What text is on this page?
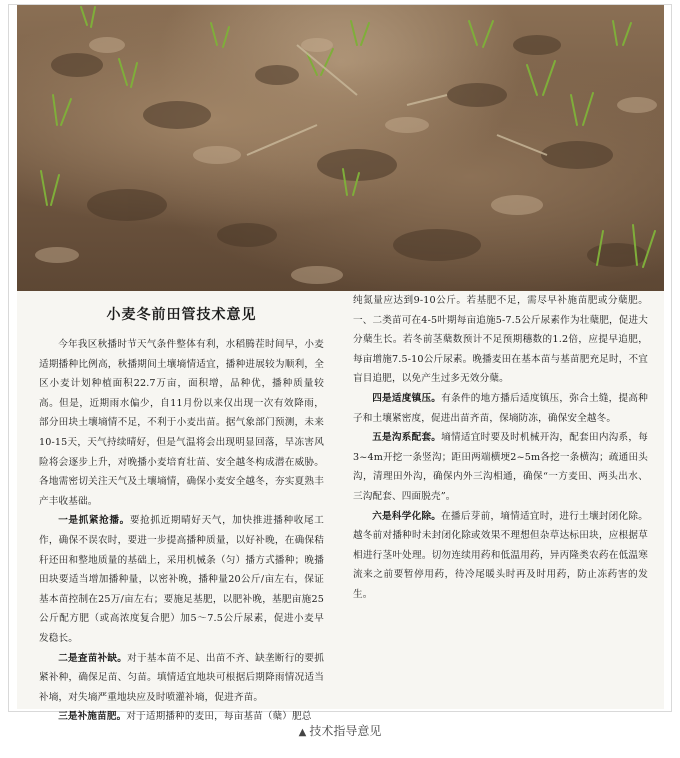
小麦冬前田管技术意见

今年我区秋播时节天气条件整体有利，水稻腾茬时间早，小麦适期播种比例高，秋播期间土壤墒情适宜，播种进展较为顺利，全区小麦计划种植面积22.7万亩，面积增，品种优，播种质量较高。但是，近期雨水偏少，自11月份以来仅出现一次有效降雨，部分田块土壤墒情不足，不利于小麦出苗。据气象部门预测，未来10-15天，天气持续晴好，但是气温将会出现明显回落，旱冻害风险将会逐步上升，对晚播小麦培育壮苗、安全越冬构成潜在威胁。各地需密切关注天气及土壤墒情，确保小麦安全越冬，夯实夏熟丰产丰收基础。

一是抓紧抢播。要抢抓近期晴好天气，加快推进播种收尾工作，确保不误农时，要进一步提高播种质量，以好补晚，在确保秸秆还田和整地质量的基础上，采用机械条（匀）播方式播种；晚播田块要适当增加播种量，以密补晚，播种量20公斤/亩左右，保证基本苗控制在25万/亩左右；要施足基肥，以肥补晚，基肥亩施25公斤配方肥（或高浓度复合肥）加5～7.5公斤尿素，促进小麦早发稳长。

二是查苗补缺。对于基本苗不足、出苗不齐、缺垄断行的要抓紧补种，确保足苗、匀苗。填情适宜地块可根据后期降雨情况适当补墒，对失墒严重地块应及时喷灌补墒，促进齐苗。

三是补施苗肥。对于适期播种的麦田，每亩基苗（蘖）肥总

纯氮量应达到9-10公斤。若基肥不足，需尽早补施苗肥或分蘖肥。一、二类苗可在4-5叶期每亩追施5-7.5公斤尿素作为壮蘖肥，促进大分蘖生长。若冬前茎蘖数预计不足预期穗数的1.2倍，应提早追肥，每亩增施7.5-10公斤尿素。晚播麦田在基本苗与基苗肥充足时，不宜盲目追肥，以免产生过多无效分蘖。

四是适度镇压。有条件的地方播后适度镇压，弥合土缝，提高种子和土壤紧密度，促进出苗齐苗，保墒防冻，确保安全越冬。

五是沟系配套。墒情适宜时要及时机械开沟，配套田内沟系，每3~4m开挖一条竖沟；距田两端横埂2~5m各挖一条横沟；疏通田头沟，清理田外沟，确保内外三沟相通，确保“一方麦田、两头出水、三沟配套、四面脱壳”。

六是科学化除。在播后芽前，墒情适宜时，进行土壤封闭化除。越冬前对播种时未封闭化除或效果不理想但杂草达标田块，应根据草相进行茎叶处理。切勿连续用药和低温用药，异丙隆类农药在低温寒流来之前要暂停用药，待冷尾暖头时再及时用药，防止冻药害的发生。

▲ 技术指导意见
